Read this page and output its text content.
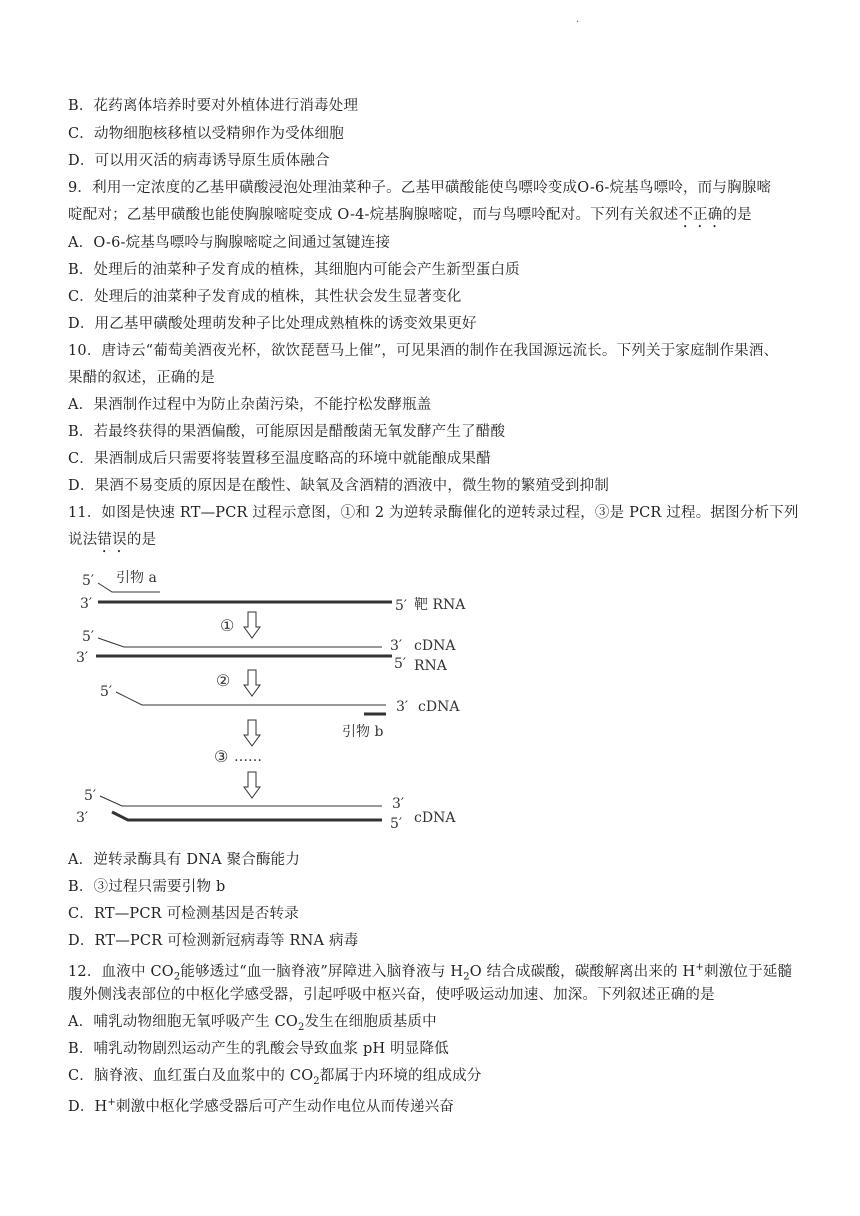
.
B．花药离体培养时要对外植体进行消毒处理
C．动物细胞核移植以受精卵作为受体细胞
D．可以用灭活的病毒诱导原生质体融合
9．利用一定浓度的乙基甲磺酸浸泡处理油菜种子。乙基甲磺酸能使鸟嘌呤变成O-6-烷基鸟嘌呤，而与胸腺嘧
啶配对；乙基甲磺酸也能使胸腺嘧啶变成 O-4-烷基胸腺嘧啶，而与鸟嘌呤配对。下列有关叙述不正确的是
A．O-6-烷基鸟嘌呤与胸腺嘧啶之间通过氢键连接
B．处理后的油菜种子发育成的植株，其细胞内可能会产生新型蛋白质
C．处理后的油菜种子发育成的植株，其性状会发生显著变化
D．用乙基甲磺酸处理萌发种子比处理成熟植株的诱变效果更好
10．唐诗云“葡萄美酒夜光杯，欲饮琵琶马上催”，可见果酒的制作在我国源远流长。下列关于家庭制作果酒、
果醋的叙述，正确的是
A．果酒制作过程中为防止杂菌污染，不能拧松发酵瓶盖
B．若最终获得的果酒偏酸，可能原因是醋酸菌无氧发酵产生了醋酸
C．果酒制成后只需要将装置移至温度略高的环境中就能酿成果醋
D．果酒不易变质的原因是在酸性、缺氧及含酒精的酒液中，微生物的繁殖受到抑制
11．如图是快速 RT—PCR 过程示意图，①和 2 为逆转录酶催化的逆转录过程，③是 PCR 过程。据图分析下列
说法错误的是
5′ 引物 a
3′	5′ 靶 RNA
①
5′
3′ cDNA
3′	5′ RNA
②
5′
3′ cDNA
引物 b
③ ……
5′	3′
3′	5′ cDNA
A．逆转录酶具有 DNA 聚合酶能力
B．③过程只需要引物 b
C．RT—PCR 可检测基因是否转录
D．RT—PCR 可检测新冠病毒等 RNA 病毒
12．血液中 $CO_2$能够透过“血一脑脊液”屏障进入脑脊液与 $H_2O$ 结合成碳酸，碳酸解离出来的 H+刺激位于延髓
腹外侧浅表部位的中枢化学感受器，引起呼吸中枢兴奋，使呼吸运动加速、加深。下列叙述正确的是
A．哺乳动物细胞无氧呼吸产生 $CO_2$发生在细胞质基质中
B．哺乳动物剧烈运动产生的乳酸会导致血浆 pH 明显降低
C．脑脊液、血红蛋白及血浆中的 $CO_2$都属于内环境的组成成分
D．H+刺激中枢化学感受器后可产生动作电位从而传递兴奋
